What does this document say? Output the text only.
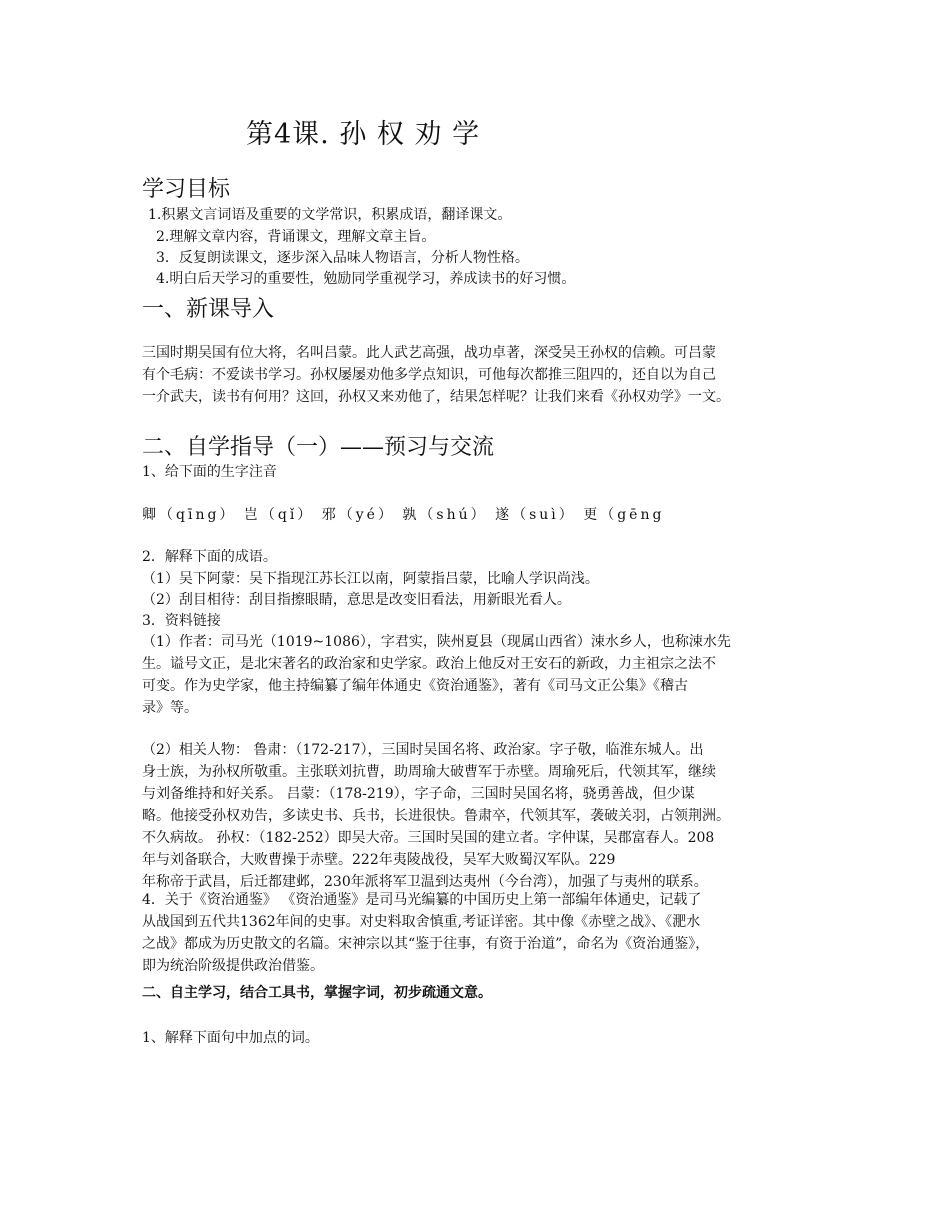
第4课. 孙 权 劝 学
学习目标
1.积累文言词语及重要的文学常识，积累成语，翻译课文。
2.理解文章内容，背诵课文，理解文章主旨。
3．反复朗读课文，逐步深入品味人物语言，分析人物性格。
4.明白后天学习的重要性，勉励同学重视学习，养成读书的好习惯。
一、新课导入
三国时期吴国有位大将，名叫吕蒙。此人武艺高强，战功卓著，深受吴王孙权的信赖。可吕蒙
有个毛病：不爱读书学习。孙权屡屡劝他多学点知识，可他每次都推三阻四的，还自以为自己
一介武夫，读书有何用？这回，孙权又来劝他了，结果怎样呢？让我们来看《孙权劝学》一文。
二、自学指导（一）——预习与交流
1、给下面的生字注音
卿（qīng） 岂（qǐ） 邪（yé） 孰（shú） 遂（suì） 更（gēng
2．解释下面的成语。
（1）吴下阿蒙：吴下指现江苏长江以南，阿蒙指吕蒙，比喻人学识尚浅。
（2）刮目相待：刮目指擦眼睛，意思是改变旧看法，用新眼光看人。
3．资料链接
（1）作者：司马光（1019~1086），字君实，陕州夏县（现属山西省）涑水乡人，也称涑水先
生。谥号文正，是北宋著名的政治家和史学家。政治上他反对王安石的新政，力主祖宗之法不
可变。作为史学家，他主持编纂了编年体通史《资治通鉴》，著有《司马文正公集》《稽古
录》等。
（2）相关人物： 鲁肃：（172-217），三国时吴国名将、政治家。字子敬，临淮东城人。出
身士族，为孙权所敬重。主张联刘抗曹，助周瑜大破曹军于赤壁。周瑜死后，代领其军，继续
与刘备维持和好关系。 吕蒙：（178-219），字子命，三国时吴国名将，骁勇善战，但少谋
略。他接受孙权劝告，多读史书、兵书，长进很快。鲁肃卒，代领其军，袭破关羽，占领荆洲。
不久病故。 孙权：（182-252）即吴大帝。三国时吴国的建立者。字仲谋，吴郡富春人。208
年与刘备联合，大败曹操于赤壁。222年夷陵战役，吴军大败蜀汉军队。229
年称帝于武昌，后迁都建邺，230年派将军卫温到达夷州（今台湾），加强了与夷州的联系。
4．关于《资治通鉴》 《资治通鉴》是司马光编纂的中国历史上第一部编年体通史，记载了
从战国到五代共1362年间的史事。对史料取舍慎重,考证详密。其中像《赤壁之战》、《淝水
之战》都成为历史散文的名篇。宋神宗以其“鉴于往事，有资于治道”，命名为《资治通鉴》，
即为统治阶级提供政治借鉴。
二、自主学习，结合工具书，掌握字词，初步疏通文意。
1、解释下面句中加点的词。
